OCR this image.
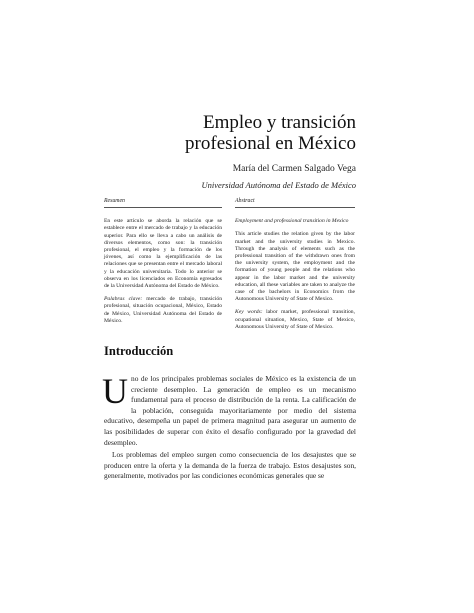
Empleo y transición
profesional en México
María del Carmen Salgado Vega
Universidad Autónoma del Estado de México
Resumen

En este artículo se aborda la relación que se establece entre el mercado de trabajo y la educación superior. Para ello se lleva a cabo un análisis de diversos elementos, como son: la transición profesional, el empleo y la formación de los jóvenes, así como la ejemplificación de las relaciones que se presentan entre el mercado laboral y la educación universitaria. Todo lo anterior se observa en los licenciados en Economía egresados de la Universidad Autónoma del Estado de México.

Palabras clave: mercado de trabajo, transición profesional, situación ocupacional, México, Estado de México, Universidad Autónoma del Estado de México.

Abstract

Employment and professional transition in Mexico

This article studies the relation given by the labor market and the university studies in Mexico. Through the analysis of elements such as the professional transition of the withdrawn ones from the university system, the employment and the formation of young people and the relations who appear in the labor market and the university education, all these variables are taken to analyze the case of the bachelors in Economics from the Autonomous University of State of Mexico.

Key words: labor market, professional transition, ocupational situation, Mexico, State of Mexico, Autonomous University of State of Mexico.

Introducción

Uno de los principales problemas sociales de México es la existencia de un creciente desempleo. La generación de empleo es un mecanismo fundamental para el proceso de distribución de la renta. La calificación de la población, conseguida mayoritariamente por medio del sistema educativo, desempeña un papel de primera magnitud para asegurar un aumento de las posibilidades de superar con éxito el desafío configurado por la gravedad del desempleo.

Los problemas del empleo surgen como consecuencia de los desajustes que se producen entre la oferta y la demanda de la fuerza de trabajo. Estos desajustes son, generalmente, motivados por las condiciones económicas generales que se
